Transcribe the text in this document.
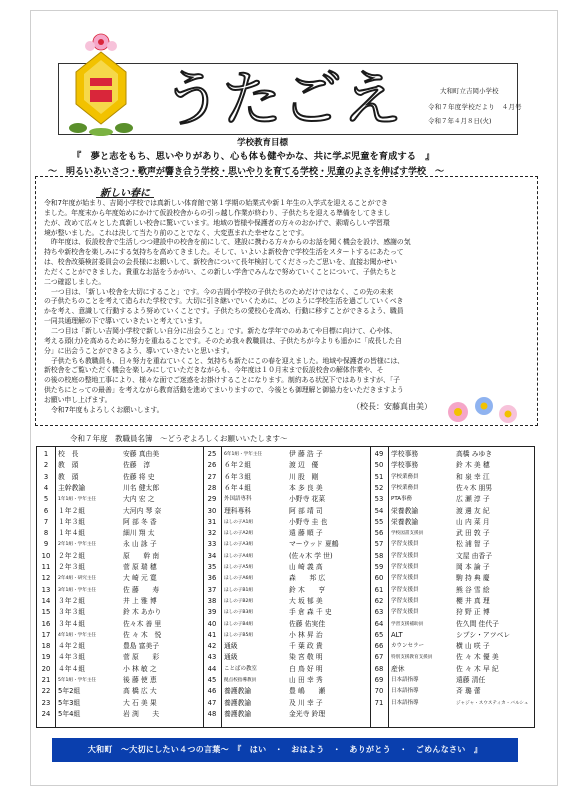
うたごえ	大和町立吉岡小学校
令和７年度学校だより　４月号
令和７年４月８日(火)
学校教育目標
『　夢と志をもち、思いやりがあり、心も体も健やかな、共に学ぶ児童を育成する　』
～　明るいあいさつ・歌声が響き合う学校・思いやりを育てる学校・児童のよさを伸ばす学校　～
新しい春に

令和7年度が始まり、吉岡小学校では真新しい体育館で第１学期の始業式や新１年生の入学式を迎えることができ

ました。年度末から年度始めにかけて仮設校舎からの引っ越し作業が終わり、子供たちを迎える準備をしてきまし

たが、改めて広々とした真新しい校舎に驚いています。地域の皆様や保護者の方々のおかげで、素晴らしい学習環

境が整いました。これは決して当たり前のことでなく、大変恵まれた幸せなことです。

昨年度は、仮設校舎で生活しつつ建設中の校舎を前にして、建設に携わる方々からのお話を聞く機会を設け、感謝の気

持ちや新校舎を楽しみにする気持ちを高めてきました。そして、いよいよ新校舎で学校生活をスタートするにあたって

は、校舎改築検討委員会の会長様にお願いして、新校舎について長年検討してくださったご思いを、直接お聞かせい

ただくことができました。貴重なお話をうかがい、この新しい学舎でみんなで努めていくことについて、子供たちと

二つ確認しました。

一つ目は、「新しい校舎を大切にすること」です。今の吉岡小学校の子供たちのためだけではなく、この先の未来

の子供たちのことを考えて造られた学校です。大切に引き継いでいくために、どのように学校生活を過ごしていくべき

かを考え、意識して行動するよう努めていくことです。子供たちの愛校心を高め、行動に移すことができるよう、職員

一同共通理解の下で導いていきたいと考えています。

二つ目は「新しい吉岡小学校で新しい自分に出会うこと」です。新たな学年でのめあてや目標に向けて、心や体、

考える頭(力)を高めるために努力を重ねることです。そのため我々教職員は、子供たちが今よりも遥かに「成長した自

分」に出会うことができるよう、導いていきたいと思います。

子供たちも教職員も、日々努力を重ねていくこと、気持ちも新たにこの春を迎えました。地域や保護者の皆様には、

新校舎をご覧いただく機会を楽しみにしていただきながらも、今年度は１０月末まで仮設校舎の解体作業や、そ

の後の校庭の整地工事により、様々な面でご迷惑をお掛けすることになります。制約ある状況下ではありますが、「子

供たちにとっての最善」を考えながら教育活動を進めてまいりますので、今後とも御理解と御協力をいただきますよう

お願い申し上げます。

令和7年度もよろしくお願いします。	（校長：安藤真由美）
令和７年度　教職員名簿　～どうぞよろしくお願いいたします～
1	校　長	安藤 真由美
2	教　頭	佐藤　淳
3	教　頭	佐藤 将 史
4	主幹教諭	川名 健太郎
5	1年1組・学年主任	大内 宏 之
6	１年２組	大河内 琴 奈
7	１年３組	阿 部 冬 香
8	１年４組	細川 翔 太
9	2年1組・学年主任	永 山 詠 子
10	２年２組	原　　幹 南
11	２年３組	菅 原 瑞 穂
12	2年4組・研究主任	大 崎 元 寛
13	3年1組・学年主任	佐 藤　　寿
14	３年２組	井 上 雅 博
15	３年３組	鈴 木 あかり
16	３年４組	佐々木 善 里
17	4年1組・学年主任	佐 々 木　悦
18	４年２組	豊島 富美子
19	４年３組	菅 原　　彩
20	４年４組	小 林 敏 之
21	5年1組・学年主任	後 藤 使 恵
22	5年2組	高 橋 広 大
23	5年3組	大 石 美 果
24	5年4組	岩 渕　　夫
25	6年1組・学年主任	伊 藤 浩 子
26	６年２組	渡 辺　優
27	６年３組	川 股　剛
28	６年４組	本 多 良 美
29	外国語専科	小野寺 花菜
30	理科専科	阿 部 靖 司
31	ほしの子A1組	小野寺 圭 也
32	ほしの子A2組	遠 藤 順 子
33	ほしの子A3組	マーウッド 夏鶴
34	ほしの子A4組	(佐々木 学 世)
35	ほしの子A5組	山 崎 義 高
36	ほしの子A6組	森　　邦 広
37	ほしの子B1組	鈴 木　　亨
38	ほしの子B2組	大 坂 郁 美
39	ほしの子B3組	手 倉 森 千 史
40	ほしの子B4組	佐藤 佑実佳
41	ほしの子B5組	小 林 昇 治
42	通級	千 葉 政 貴
43	通級	染 宮 敬 明
44	ことばの教室	白 鳥 好 明
45	拠点校指導教員	山 田 幸 秀
46	養護教諭	豊 嶋　　瀬
47	養護教諭	及 川 幸 子
48	養護教諭	金光寺 鈴理
49	学校事務	高橋 みゆき
50	学校事務	鈴 木 美 穂
51	学校業務員	和 泉 幸 江
52	学校業務員	佐々木 朋男
53	PTA事務	広 瀬 淳 子
54	栄養教諭	渡 邊 友 紀
55	栄養教諭	山 内 菜 月
56	学校図書支援員	武 田 敦 子
57	学習支援員	松 浦 智 子
58	学習支援員	文屋 由香子
59	学習支援員	岡 本 論 子
60	学習支援員	駒 持 典 慶
61	学習支援員	熊 谷 雪 絵
62	学習支援員	櫻 井 真 理
63	学習支援員	狩 野 正 博
64	学習支援補助員	佐久間 佳代子
65	ALT	シブシ・アツベレ
66	カウンセラー	横 山 咲 子
67	特別支援教育支援員	佐 々 木 優 美
68	産休	佐 々 木 早 紀
69	日本語指導	遠藤 清任
70	日本語指導	斉 璐 蕾
71	日本語指導	ジャジャ・スウスティカ・バルシュ
大和町　～大切にしたい４つの言葉～　『　はい　・　おはよう　・　ありがとう　・　ごめんなさい　』
